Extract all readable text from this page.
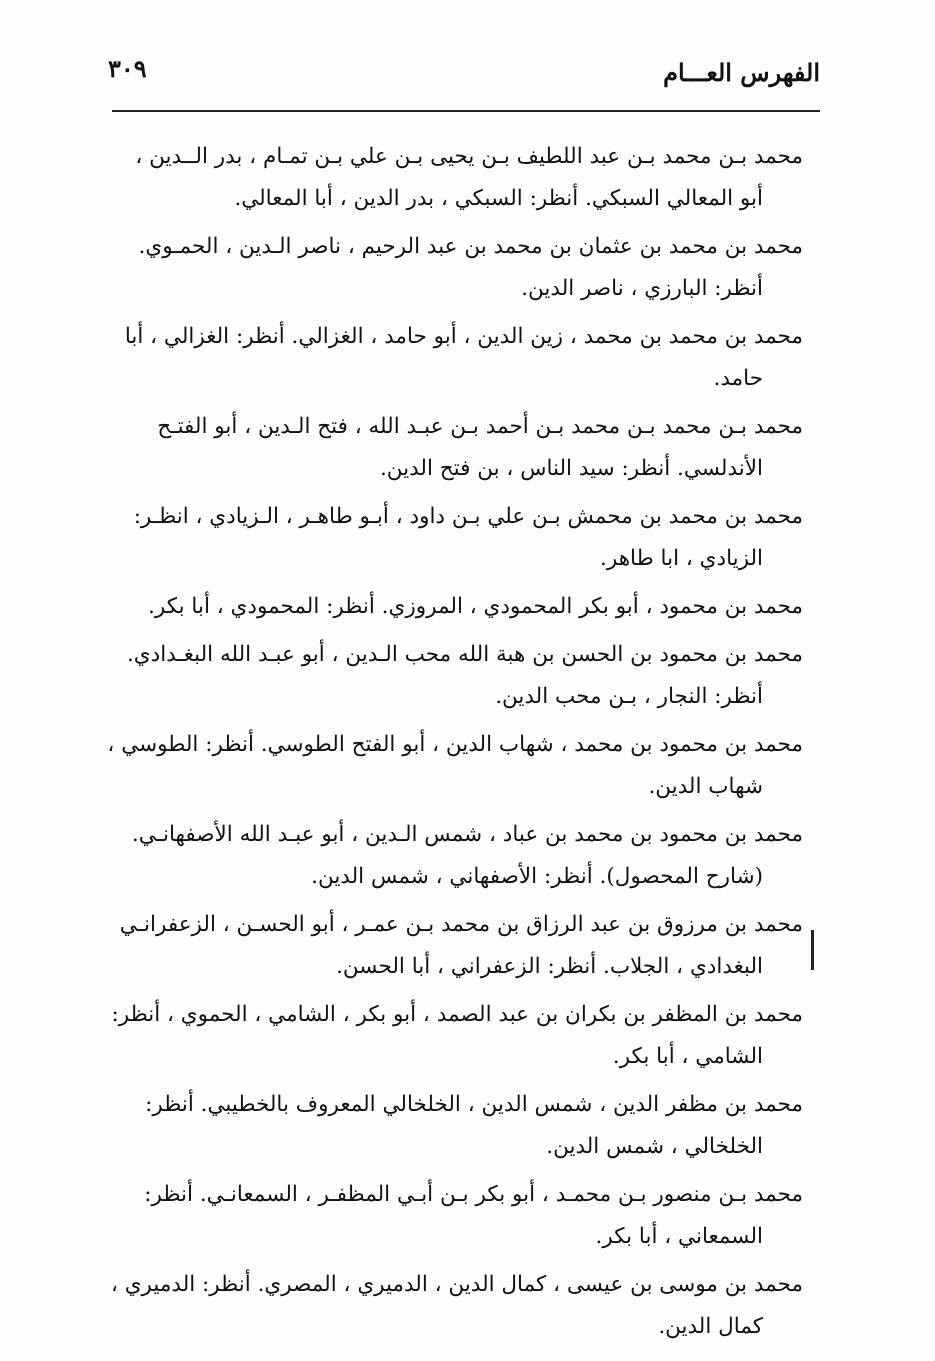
الفهرس العـــام
٣٠٩
محمد بـن محمد بـن عبد اللطيف بـن يحيى بـن علي بـن تمـام ، بدر الــدين ،
أبو المعالي السبكي. أنظر: السبكي ، بدر الدين ، أبا المعالي.
محمد بن محمد بن عثمان بن محمد بن عبد الرحيم ، ناصر الـدين ، الحمـوي.
أنظر: البارزي ، ناصر الدين.
محمد بن محمد بن محمد ، زين الدين ، أبو حامد ، الغزالي. أنظر: الغزالي ، أبا
حامد.
محمد بـن محمد بـن محمد بـن أحمد بـن عبـد الله ، فتح الـدين ، أبو الفتـح
الأندلسي. أنظر: سيد الناس ، بن فتح الدين.
محمد بن محمد بن محمش بـن علي بـن داود ، أبـو طاهـر ، الـزيادي ، انظـر:
الزيادي ، ابا طاهر.
محمد بن محمود ، أبو بكر المحمودي ، المروزي. أنظر: المحمودي ، أبا بكر.
محمد بن محمود بن الحسن بن هبة الله محب الـدين ، أبو عبـد الله البغـدادي.
أنظر: النجار ، بـن محب الدين.
محمد بن محمود بن محمد ، شهاب الدين ، أبو الفتح الطوسي. أنظر: الطوسي ،
شهاب الدين.
محمد بن محمود بن محمد بن عباد ، شمس الـدين ، أبو عبـد الله الأصفهانـي.
(شارح المحصول). أنظر: الأصفهاني ، شمس الدين.
محمد بن مرزوق بن عبد الرزاق بن محمد بـن عمـر ، أبو الحسـن ، الزعفرانـي
البغدادي ، الجلاب. أنظر: الزعفراني ، أبا الحسن.
محمد بن المظفر بن بكران بن عبد الصمد ، أبو بكر ، الشامي ، الحموي ، أنظر:
الشامي ، أبا بكر.
محمد بن مظفر الدين ، شمس الدين ، الخلخالي المعروف بالخطيبي. أنظر:
الخلخالي ، شمس الدين.
محمد بـن منصور بـن محمـد ، أبو بكر بـن أبـي المظفـر ، السمعانـي. أنظر:
السمعاني ، أبا بكر.
محمد بن موسى بن عيسى ، كمال الدين ، الدميري ، المصري. أنظر: الدميري ،
كمال الدين.
